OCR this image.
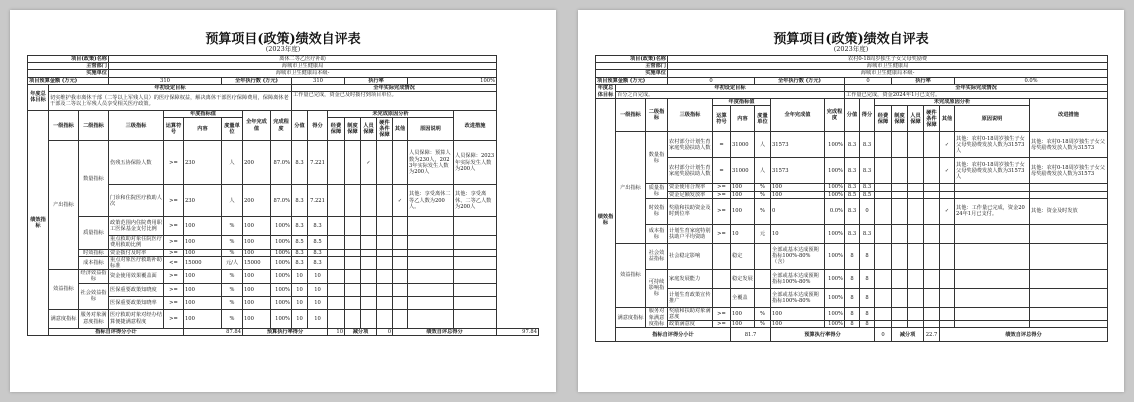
预算项目(政策)绩效自评表
(2023年度)
项目(政策)名称			离休二等乙医疗补助															
主管部门			海城市卫生健康局															
实施单位			海城市卫生健康局本级-															
项目预算金额 (万元)			310			全年执行数 (万元)			310			执行率				100%		
年度总体目标	年初设定目标								全年实际完成情况									
	切实维护我市离休干部（二等以上军残人员）的医疗保障权益，解决离休干部医疗保障费用，保障离休老干部及二等以上军残人员享受相关医疗政策。								工作量已完成，资金已及时拨付到项目单位。									
绩效指标	一级指标	二级指标	三级指标	年度指标值			全年完成值	完成程度	分值	得分	未完成原因分析						改进措施	
				运算符号	内容	度量单位					经费保障	制度保障	人员保障	硬件条件保障	其他	原因说明		
	产出指标	数量指标	伤残五协保险人数	>=	230	人	200	87.0%	8.3	7.221			✓			人员保障：预算人数为230人，2023年实际发生人数为200人	人员保障：2023年实际发生人数为200人	
			门诊和住院医疗救助人次	>=	230	人	200	87.0%	8.3	7.221					✓	其他：享受离休二等乙人数为200人。	其他：享受离休、二等乙人数为200人	
		质量指标	政策范围内住院费用职工医保基金支付比例	>=	100	%	100	100%	8.3	8.3								
			重点救助对象住院医疗费用救助比例	>=	100	%	100	100%	8.5	8.5								
		时效指标	资金拨付及时率	>=	100	%	100	100%	8.3	8.3								
		成本指标	重点对象医疗救助补助标准	<=	15000	元/人	15000	100%	8.3	8.3								
	效益指标	经济效益指标	资金使用效果覆盖面	>=	100	%	100	100%	10	10								
		社会效益指标	医保重要政策知晓度	>=	100	%	100	100%	10	10								
			医保重要政策知晓率	>=	100	%	100	100%	10	10								
	满意度指标	服务对象满意度指标	医疗救助对象对经办结算便捷满意程度	>=	100	%	100	100%	10	10								
	指标自评得分小计				87.84		预算执行率得分				10	减分项		0	绩效自评总得分			97.84
预算项目(政策)绩效自评表
(2023年度)
项目(政策)名称			农村0-18周岁独生子女父母奖励费															
主管部门			海城市卫生健康局															
实施单位			海城市卫生健康局本级-															
项目预算金额 (万元)			0			全年执行数 (万元)			0			执行率				0.0%		
年度总体目标	年初设定目标								全年实际完成情况									
	百分之百完成。								工作量已完成，资金2024年1月已支付。									
绩效指标	一级指标	二级指标	三级指标	年度指标值			全年完成值	完成程度	分值	得分	未完成原因分析						改进措施	
				运算符号	内容	度量单位					经费保障	制度保障	人员保障	硬件条件保障	其他	原因说明		
	产出指标	数量指标	农村部分计划生育家庭奖励扶助人数	=	31000	人	31573	100%	8.3	8.3					✓	其他：农村0-18周岁独生子女父母奖励费发放人数为31573人	其他：农村0-18周岁独生子女父母奖励费发放人数为31573	
			农村部分计划生育家庭奖励扶助人数	=	31000	人	31573	100%	8.3	8.3					✓	其他：农村0-18周岁独生子女父母奖励费发放人数为31573人	其他：农村0-18周岁独生子女父母奖励费发放人数为31573	
		质量指标	资金使用合规率	>=	100	%	100	100%	8.3	8.3								
			资金足额发放率	>=	100	%	100	100%	8.5	8.5								
		时效指标	奖励和扶助资金及时到位率	>=	100	%	0	0.0%	8.3	0					✓	其他：工作量已完成，资金2024年1月已支付。	其他：资金及时发放	
		成本指标	计划生育家庭特别扶助户平均资助	>=	10	元	10	100%	8.3	8.3								
	效益指标	社会效益指标	社会稳定影响		稳定		全部或基本达成预期指标100%-80%（含）	100%	8	8								
		可持续影响指标	家庭发展能力		稳定发展		全部或基本达成预期指标100%-80%	100%	8	8								
			计划生育政策宣传推广		全覆盖		全部或基本达成预期指标100%-80%	100%	8	8								
	满意度指标	服务对象满意度指标	奖励和扶助对象满意度	>=	100	%	100	100%	8	8								
			政策满意度	>=	100	%	100	100%	8	8								
	指标自评得分小计				81.7		预算执行率得分				0	减分项		22.7	绩效自评总得分	
